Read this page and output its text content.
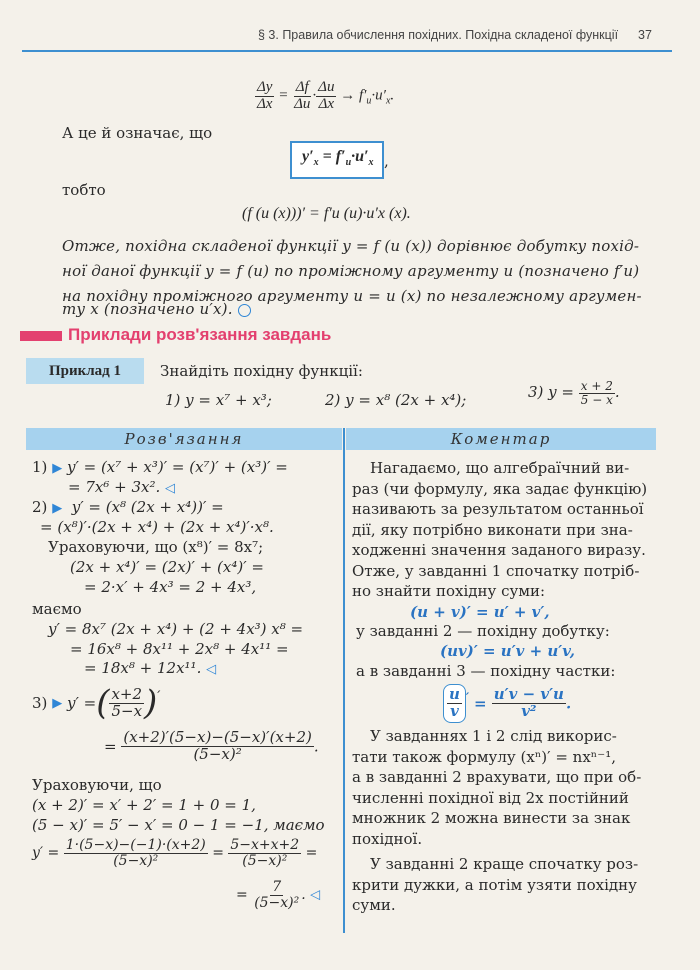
§ 3. Правила обчислення похідних. Похідна складеної функції 37
$\frac{\Delta y}{\Delta x} = \frac{\Delta f}{\Delta u} \cdot \frac{\Delta u}{\Delta x} \to f'_u\cdot u'_x$.
А це й означає, що
$y'_x = f'_u\cdot u'_x$ ,
тобто
(f (u (x)))′ = f′u (u)·u′x (x).
Отже, похідна складеної функції y = f (u (x)) дорівнює добутку похід-
ної даної функції y = f (u) по проміжному аргументу u (позначено f′u)
на похідну проміжного аргументу u = u (x) по незалежному аргумен-
ту x (позначено u′x).
Приклади розв'язання завдань
Приклад 1	Знайдіть похідну функції:
1) y = x⁷ + x³;	2) y = x⁸ (2x + x⁴);	3) $y = \frac{x + 2}{5 - x}$ .
Розв'язання	Коментар
1) ▶ y′ = (x⁷ + x³)′ = (x⁷)′ + (x³)′ =
= 7x⁶ + 3x². ◁
2) ▶ y′ = (x⁸ (2x + x⁴))′ =
= (x⁸)′·(2x + x⁴) + (2x + x⁴)′·x⁸.
Ураховуючи, що (x⁸)′ = 8x⁷;
(2x + x⁴)′ = (2x)′ + (x⁴)′ =
= 2·x′ + 4x³ = 2 + 4x³,
маємо
y′ = 8x⁷ (2x + x⁴) + (2 + 4x³) x⁸ =
= 16x⁸ + 8x¹¹ + 2x⁸ + 4x¹¹ =
= 18x⁸ + 12x¹¹. ◁
3) ▶ y′ =( $\frac{x+2}{5-x} )'$
= $\frac{(x+2)'(5-x)-(5-x)'(x+2)}{\text{(5−x)²}}$ .
Ураховуючи, що
(x + 2)′ = x′ + 2′ = 1 + 0 = 1,
(5 − x)′ = 5′ − x′ = 0 − 1 = −1, маємо
$y' = \frac{1\cdot(5-x)-(-1)\cdot(x+2)}{\text{(5−x)²}} = \frac{5-x+x+2}{\text{(5−x)²}}$ =
= $\frac{7}{\text{(5−x)²}}$ . ◁
Нагадаємо, що алгебраїчний ви-
раз (чи формулу, яка задає функцію)
називають за результатом останньої
дії, яку потрібно виконати при зна-
ходженні значення заданого виразу.
Отже, у завданні 1 спочатку потріб-
но знайти похідну суми:
(u + v)′ = u′ + v′,
у завданні 2 — похідну добутку:
(uv)′ = u′v + u′v,
а в завданні 3 — похідну частки:
$\frac{u}{v} ' = \frac{u'v - v'u}{\text{v²}}$ .
У завданнях 1 і 2 слід викорис-
тати також формулу (xⁿ)′ = nxⁿ⁻¹,
а в завданні 2 врахувати, що при об-
численні похідної від 2x постійний
множник 2 можна винести за знак
похідної.
У завданні 2 краще спочатку роз-
крити дужки, а потім узяти похідну
суми.
